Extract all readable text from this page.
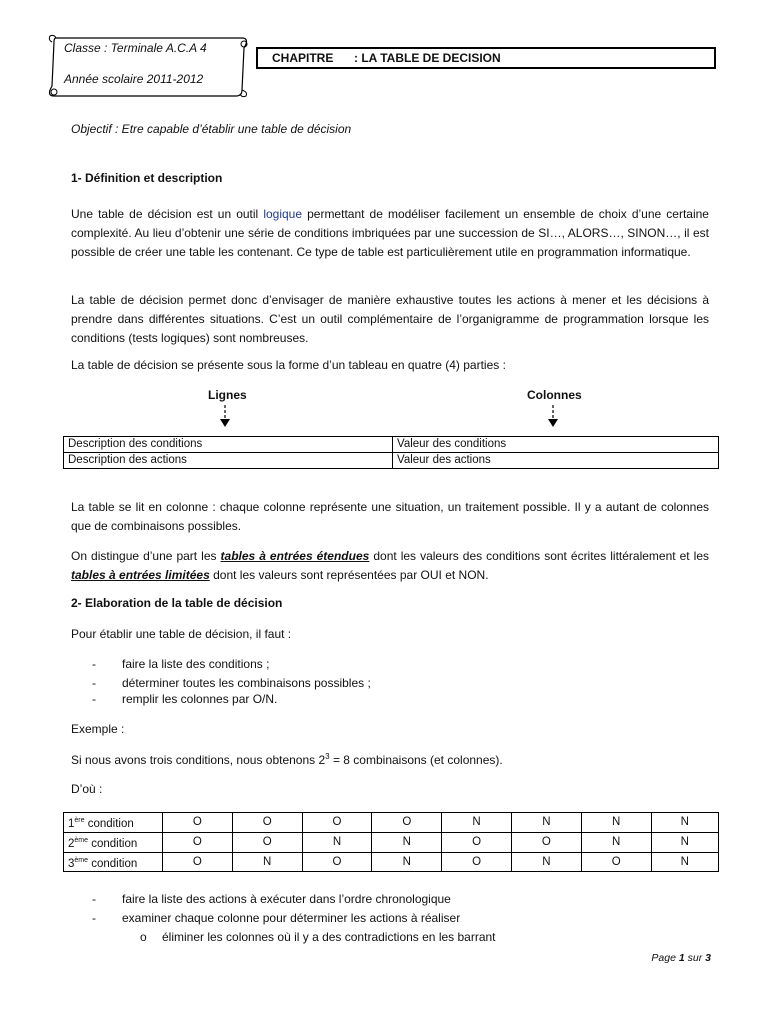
Classe : Terminale A.C.A 4
Année scolaire 2011-2012
CHAPITRE : LA TABLE DE DECISION
Objectif : Etre capable d’établir une table de décision
1- Définition et description
Une table de décision est un outil logique permettant de modéliser facilement un ensemble de choix d’une certaine complexité. Au lieu d’obtenir une série de conditions imbriquées par une succession de SI…, ALORS…, SINON…, il est possible de créer une table les contenant. Ce type de table est particulièrement utile en programmation informatique.
La table de décision permet donc d’envisager de manière exhaustive toutes les actions à mener et les décisions à prendre dans différentes situations. C’est un outil complémentaire de l’organigramme de programmation lorsque les conditions (tests logiques) sont nombreuses.
La table de décision se présente sous la forme d’un tableau en quatre (4) parties :
Lignes	Colonnes
Description des conditions	Valeur des conditions
Description des actions	Valeur des actions
La table se lit en colonne : chaque colonne représente une situation, un traitement possible. Il y a autant de colonnes que de combinaisons possibles.
On distingue d’une part les tables à entrées étendues dont les valeurs des conditions sont écrites littéralement et les tables à entrées limitées dont les valeurs sont représentées par OUI et NON.
2- Elaboration de la table de décision
Pour établir une table de décision, il faut :
- faire la liste des conditions ;
- déterminer toutes les combinaisons possibles ;
- remplir les colonnes par O/N.
Exemple :
Si nous avons trois conditions, nous obtenons $2^3 = 8$ combinaisons (et colonnes).
D’où :
1ère condition	O	O	O	O	N	N	N	N
2ème condition	O	O	N	N	O	O	N	N
3ème condition	O	N	O	N	O	N	O	N
- faire la liste des actions à exécuter dans l’ordre chronologique
- examiner chaque colonne pour déterminer les actions à réaliser
o éliminer les colonnes où il y a des contradictions en les barrant
Page 1 sur 3
